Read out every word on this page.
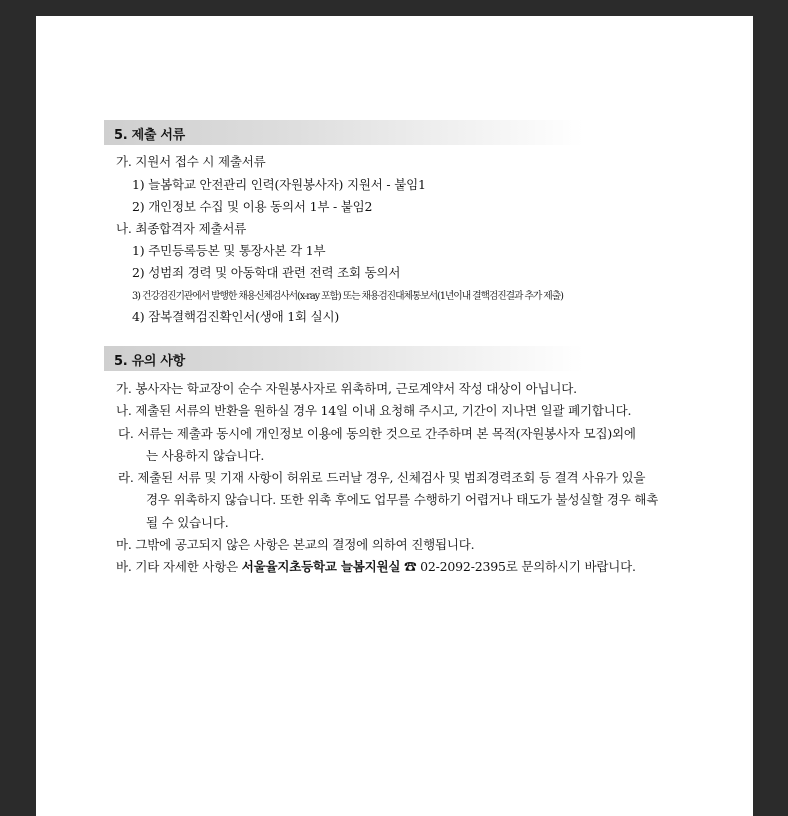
5. 제출 서류
가. 지원서 접수 시 제출서류
1) 늘봄학교 안전관리 인력(자원봉사자) 지원서 - 붙임1
2) 개인정보 수집 및 이용 동의서 1부 - 붙임2
나. 최종합격자 제출서류
1) 주민등록등본 및 통장사본 각 1부
2) 성범죄 경력 및 아동학대 관련 전력 조회 동의서
3) 건강검진기관에서 발행한 채용신체검사서(x-ray 포함) 또는 채용검진대체통보서(1년이내 결핵검진결과 추가 제출)
4) 잠복결핵검진확인서(생애 1회 실시)
5. 유의 사항
가. 봉사자는 학교장이 순수 자원봉사자로 위촉하며, 근로계약서 작성 대상이 아닙니다.
나. 제출된 서류의 반환을 원하실 경우 14일 이내 요청해 주시고, 기간이 지나면 일괄 폐기합니다.
다. 서류는 제출과 동시에 개인정보 이용에 동의한 것으로 간주하며 본 목적(자원봉사자 모집)외에
는 사용하지 않습니다.
라. 제출된 서류 및 기재 사항이 허위로 드러날 경우, 신체검사 및 범죄경력조회 등 결격 사유가 있을
경우 위촉하지 않습니다. 또한 위촉 후에도 업무를 수행하기 어렵거나 태도가 불성실할 경우 해촉
될 수 있습니다.
마. 그밖에 공고되지 않은 사항은 본교의 결정에 의하여 진행됩니다.
바. 기타 자세한 사항은 서울율지초등학교 늘봄지원실 ☎ 02-2092-2395로 문의하시기 바랍니다.
